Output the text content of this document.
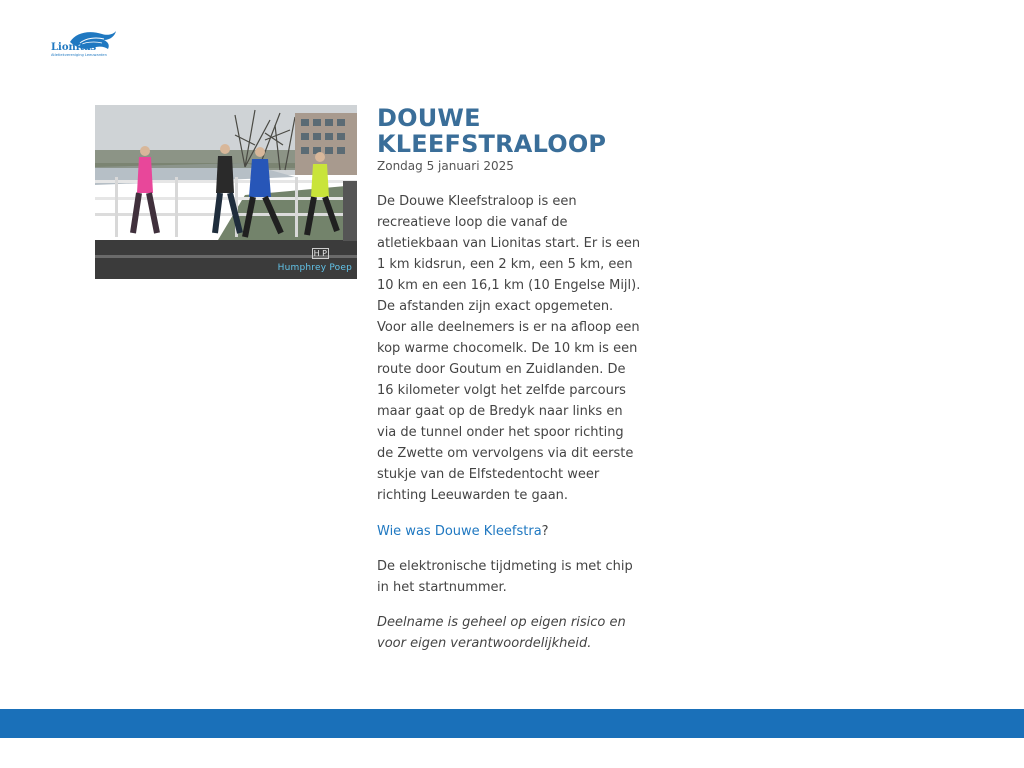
Lionitas
Atletiekvereniging Leeuwarden
H P
Humphrey Poep
DOUWE KLEEFSTRALOOP
Zondag 5 januari 2025

De Douwe Kleefstraloop is een recreatieve loop die vanaf de atletiekbaan van Lionitas start. Er is een 1 km kidsrun, een 2 km, een 5 km, een 10 km en een 16,1 km (10 Engelse Mijl). De afstanden zijn exact opgemeten. Voor alle deelnemers is er na afloop een kop warme chocomelk. De 10 km is een route door Goutum en Zuidlanden. De 16 kilometer volgt het zelfde parcours maar gaat op de Bredyk naar links en via de tunnel onder het spoor richting de Zwette om vervolgens via dit eerste stukje van de Elfstedentocht weer richting Leeuwarden te gaan.

Wie was Douwe Kleefstra?

De elektronische tijdmeting is met chip in het startnummer.

Deelname is geheel op eigen risico en voor eigen verantwoordelijkheid.
